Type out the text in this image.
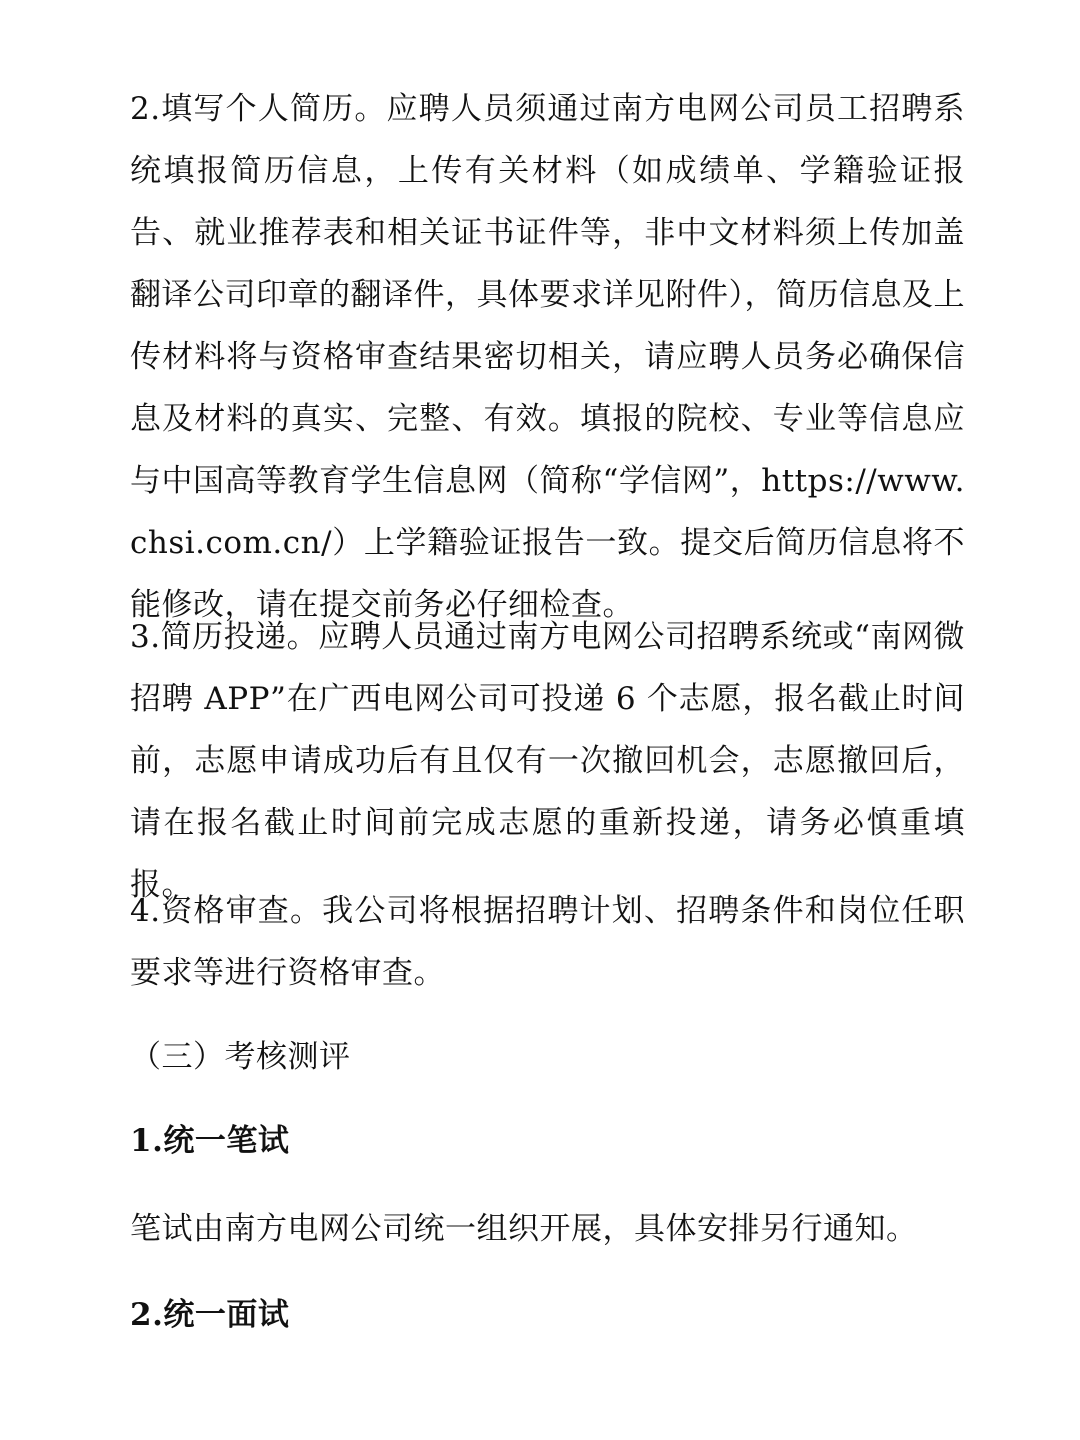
2.填写个人简历。应聘人员须通过南方电网公司员工招聘系统填报简历信息，上传有关材料（如成绩单、学籍验证报告、就业推荐表和相关证书证件等，非中文材料须上传加盖翻译公司印章的翻译件，具体要求详见附件），简历信息及上传材料将与资格审查结果密切相关，请应聘人员务必确保信息及材料的真实、完整、有效。填报的院校、专业等信息应与中国高等教育学生信息网（简称“学信网”，https://www.chsi.com.cn/）上学籍验证报告一致。提交后简历信息将不能修改，请在提交前务必仔细检查。

3.简历投递。应聘人员通过南方电网公司招聘系统或“南网微招聘 APP”在广西电网公司可投递 6 个志愿，报名截止时间前，志愿申请成功后有且仅有一次撤回机会，志愿撤回后，请在报名截止时间前完成志愿的重新投递，请务必慎重填报。

4.资格审查。我公司将根据招聘计划、招聘条件和岗位任职要求等进行资格审查。

（三）考核测评
1.统一笔试

笔试由南方电网公司统一组织开展，具体安排另行通知。

2.统一面试
